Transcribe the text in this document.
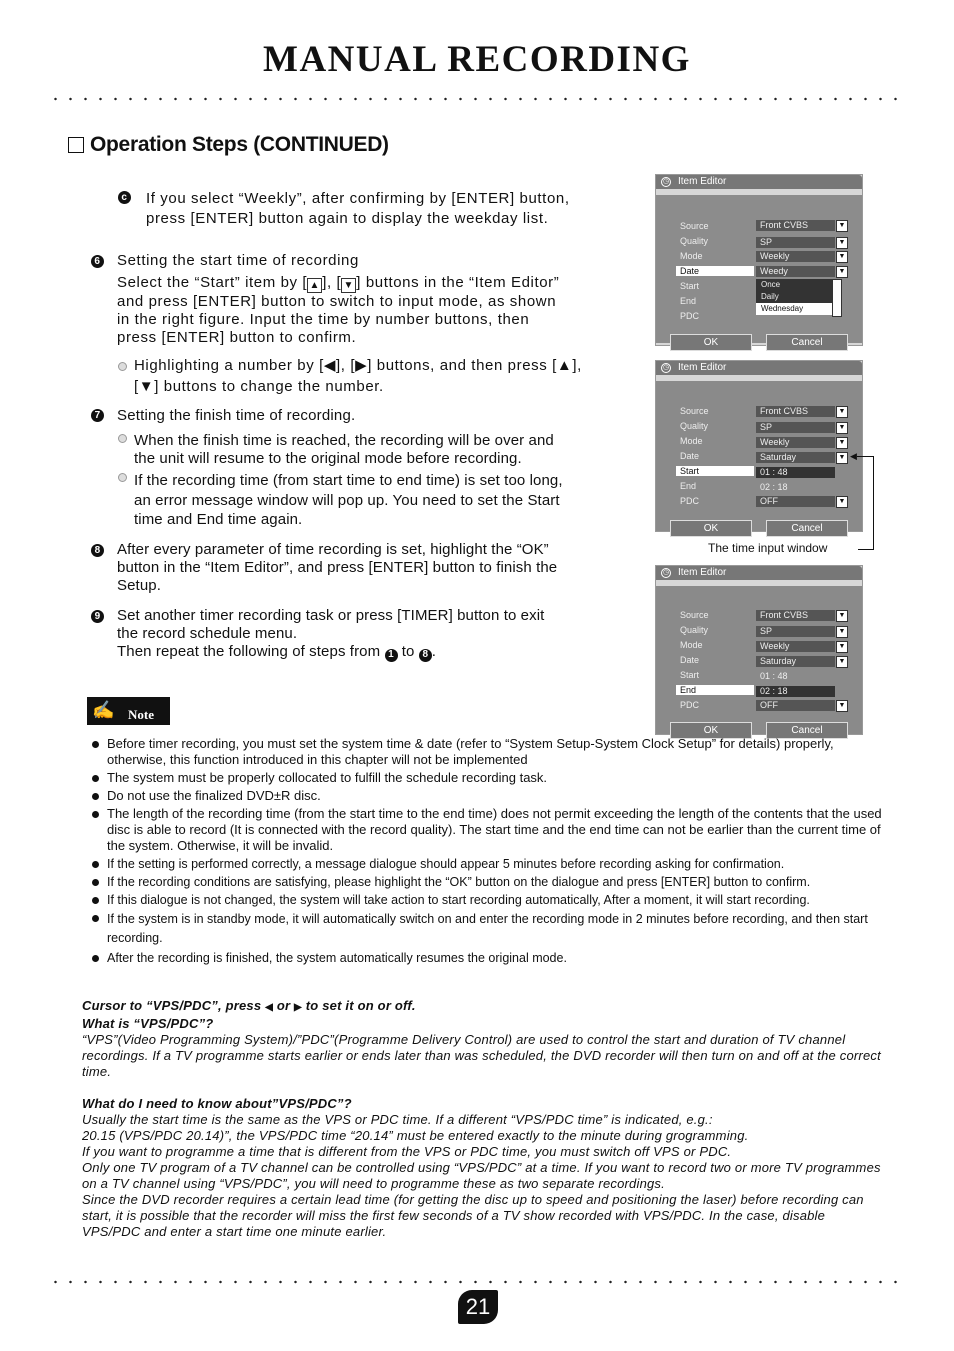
MANUAL RECORDING
Operation Steps (CONTINUED)
c If you select “Weekly”, after confirming by [ENTER] button,
press [ENTER] button again to display the weekday list.
6 Setting the start time of recording
Select the “Start” item by [ ▲ ], [ ▼ ] buttons in the “Item Editor”
and press [ENTER] button to switch to input mode, as shown
in the right figure. Input the time by number buttons, then
press [ENTER] button to confirm.
Highlighting a number by [◀], [▶] buttons, and then press [▲],
[▼] buttons to change the number.
7	Setting the finish time of recording.
When the finish time is reached, the recording will be over and
the unit will resume to the original mode before recording.
If the recording time (from start time to end time) is set too long,
an error message window will pop up. You need to set the Start
time and End time again.
8 After every parameter of time recording is set, highlight the “OK”
button in the “Item Editor”, and press [ENTER] button to finish the
Setup.
9 Set another timer recording task or press [TIMER] button to exit
the record schedule menu.
Then repeat the following of steps from 1 to 8 .
◷ Item Editor
Source	Front CVBS	▼
Quality	SP	▼
Mode	Weekly	▼
Date	Weedy	▼
Once
Daily
Wednesday
Start
End
PDC
OK	Cancel
◷ Item Editor
Source	Front CVBS	▼
Quality	SP	▼
Mode	Weekly	▼
Date	Saturday	▼
Start	01 : 48
End	02 : 18
PDC	OFF	▼
OK	Cancel
◀
The time input window
◷ Item Editor
Source	Front CVBS	▼
Quality	SP	▼
Mode	Weekly	▼
Date	Saturday	▼
Start	01 : 48
End	02 : 18
PDC	OFF	▼
OK	Cancel
✍ Note
Before timer recording, you must set the system time & date (refer to “System Setup-System Clock Setup” for details) properly, otherwise, this function introduced in this chapter will not be implemented
The system must be properly collocated to fulfill the schedule recording task.
Do not use the finalized DVD±R disc.
The length of the recording time (from the start time to the end time) does not permit exceeding the length of the contents that the used disc is able to record (It is connected with the record quality). The start time and the end time can not be earlier than the current time of the system. Otherwise, it will be invalid.
If the setting is performed correctly, a message dialogue should appear 5 minutes before recording asking for confirmation.
If the recording conditions are satisfying, please highlight the “OK” button on the dialogue and press [ENTER] button to confirm.
If this dialogue is not changed, the system will take action to start recording automatically, After a moment, it will start recording.
If the system is in standby mode, it will automatically switch on and enter the recording mode in 2 minutes before recording, and then start recording.
After the recording is finished, the system automatically resumes the original mode.
Cursor to “VPS/PDC”, press ◀ or ▶ to set it on or off.
What is “VPS/PDC”?
“VPS”(Video Programming System)/”PDC”(Programme Delivery Control) are used to control the start and duration of TV channel recordings. If a TV programme starts earlier or ends later than was scheduled, the DVD recorder will then turn on and off at the correct time.
What do I need to know about”VPS/PDC”?
Usually the start time is the same as the VPS or PDC time. If a different “VPS/PDC time” is indicated, e.g.:
20.15 (VPS/PDC 20.14)”, the VPS/PDC time “20.14” must be entered exactly to the minute during grogramming.
If you want to programme a time that is different from the VPS or PDC time, you must switch off VPS or PDC.
Only one TV program of a TV channel can be controlled using “VPS/PDC” at a time. If you want to record two or more TV programmes on a TV channel using “VPS/PDC”, you will need to programme these as two separate recordings.
Since the DVD recorder requires a certain lead time (for getting the disc up to speed and positioning the laser) before recording can start, it is possible that the recorder will miss the first few seconds of a TV show recorded with VPS/PDC. In the case, disable VPS/PDC and enter a start time one minute earlier.
21
